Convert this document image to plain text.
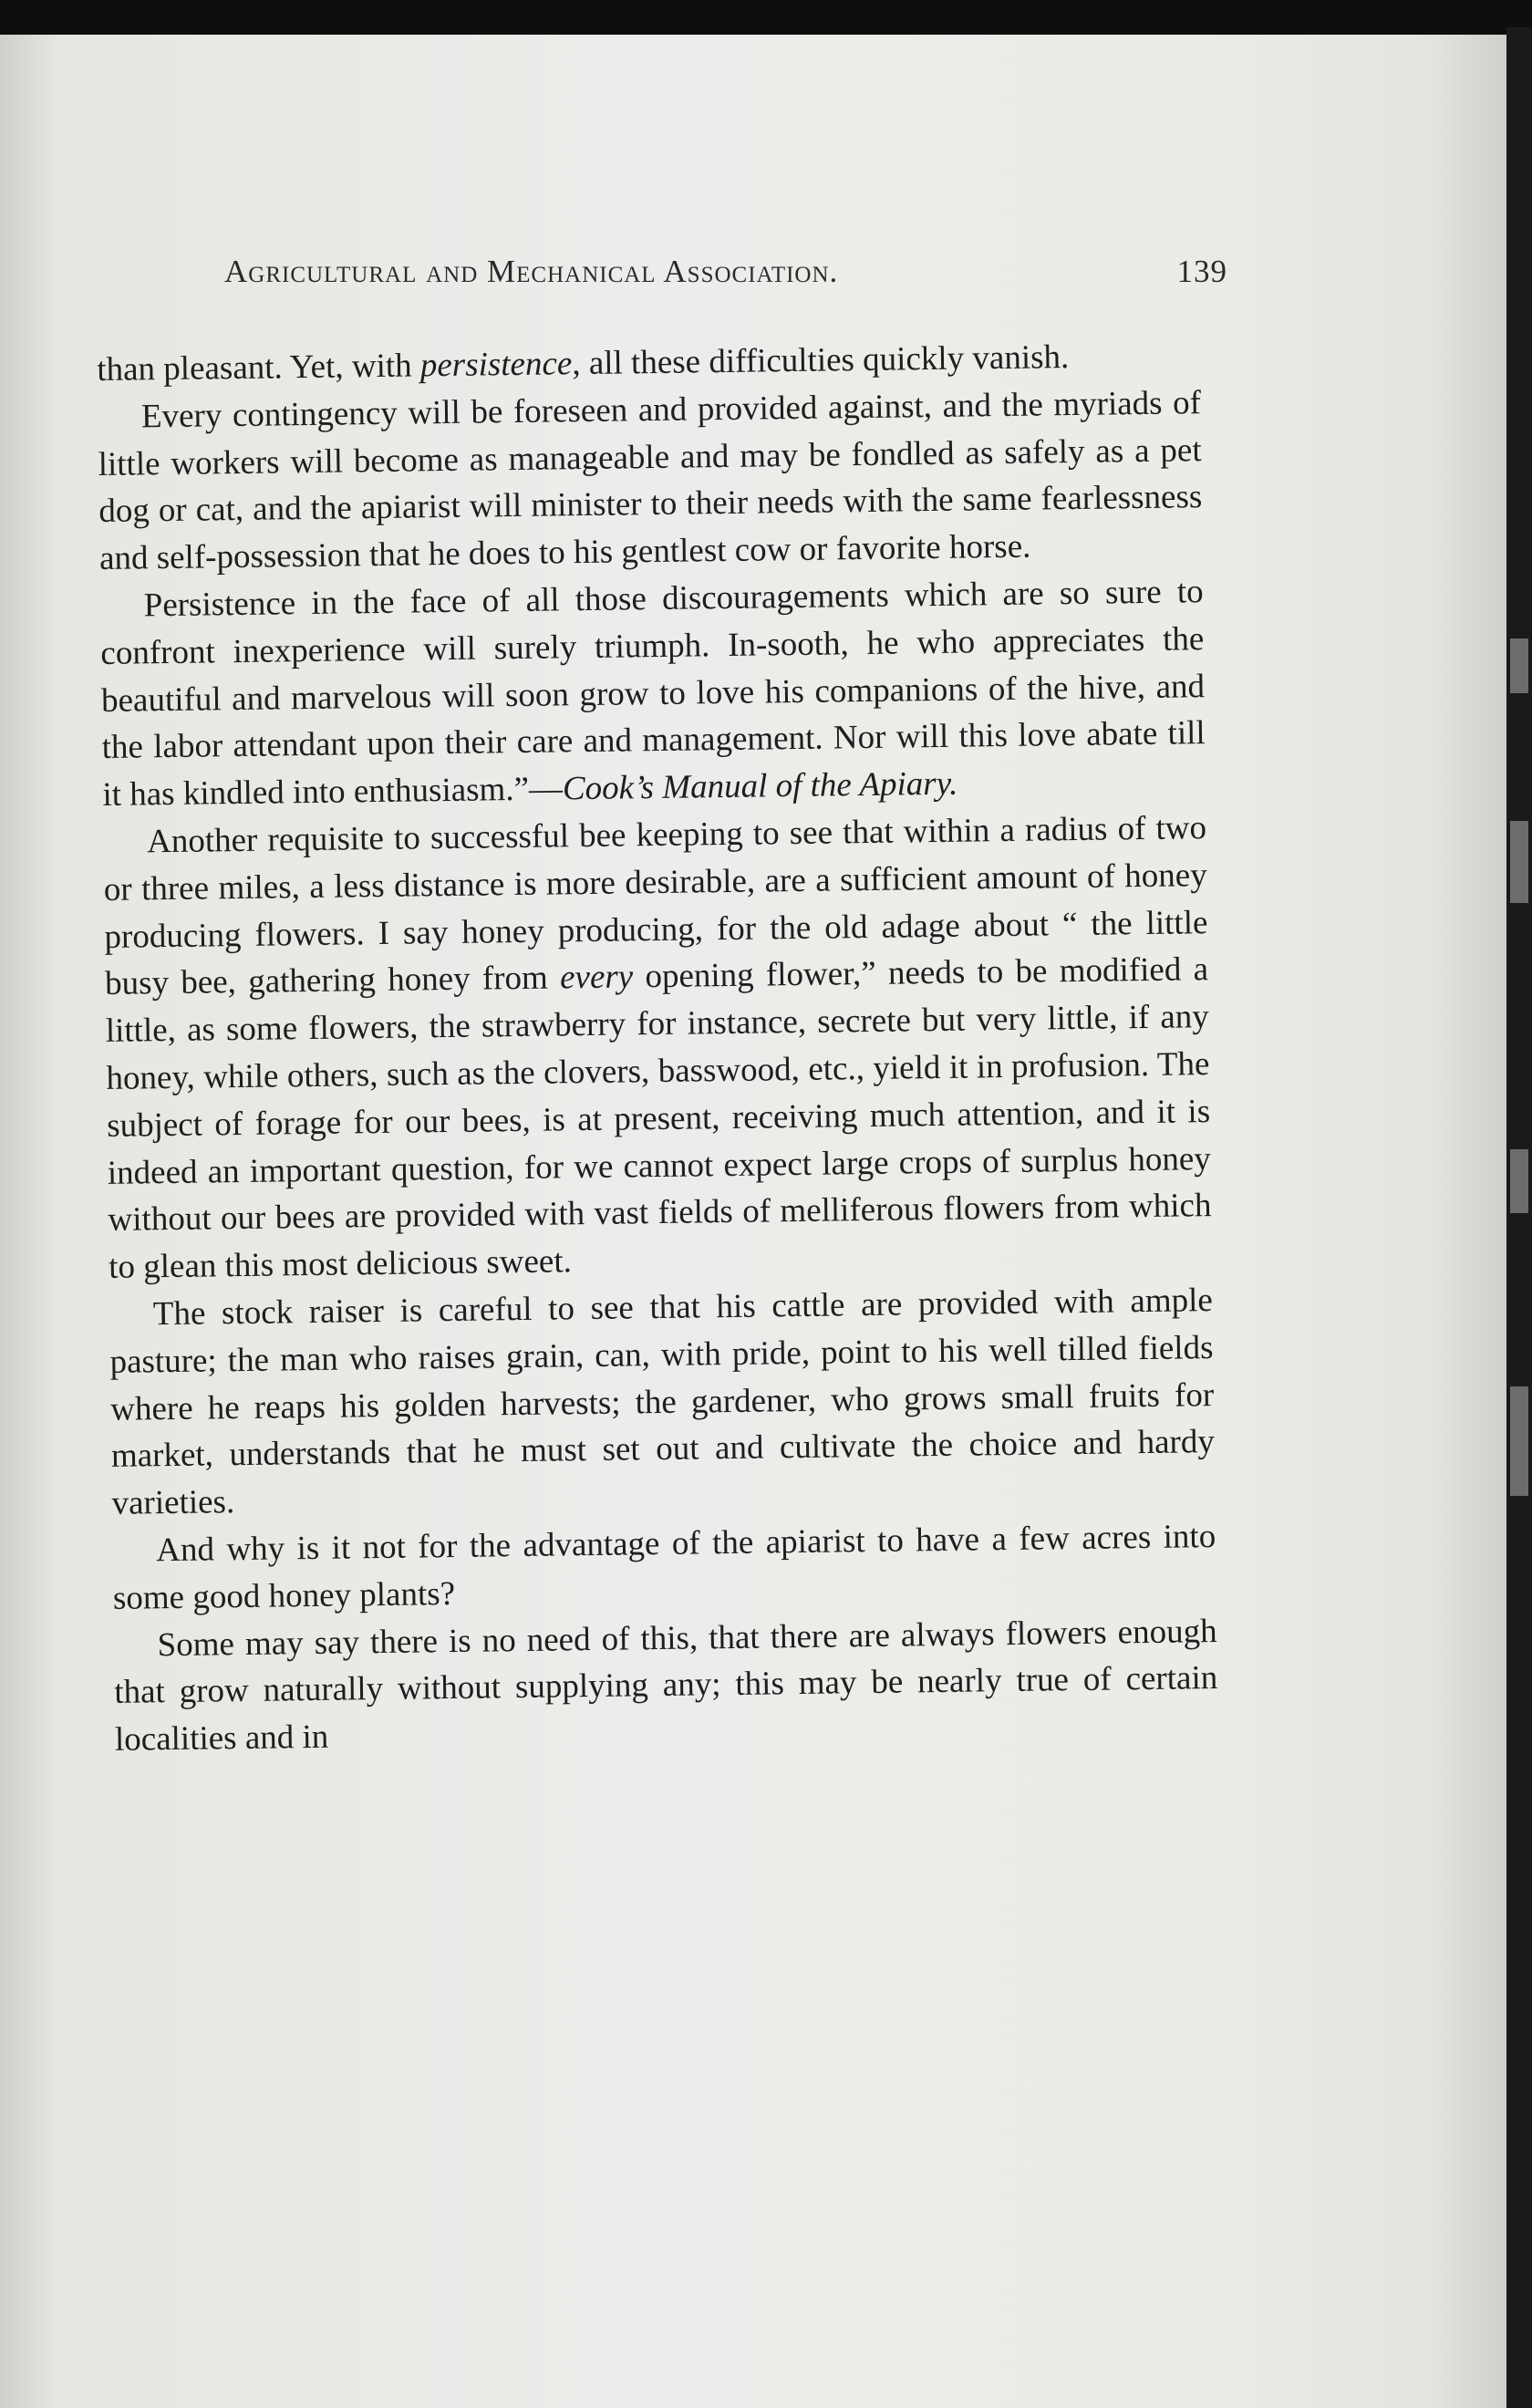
Agricultural and Mechanical Association.	139

than pleasant. Yet, with persistence, all these difficulties quickly vanish.

Every contingency will be foreseen and provided against, and the myriads of little workers will become as manageable and may be fondled as safely as a pet dog or cat, and the apiarist will minister to their needs with the same fearlessness and self-possession that he does to his gentlest cow or favorite horse.

Persistence in the face of all those discouragements which are so sure to confront inexperience will surely triumph. In-sooth, he who appreciates the beautiful and marvelous will soon grow to love his companions of the hive, and the labor attendant upon their care and management. Nor will this love abate till it has kindled into enthusiasm.”—Cook’s Manual of the Apiary.

Another requisite to successful bee keeping to see that within a radius of two or three miles, a less distance is more desirable, are a sufficient amount of honey producing flowers. I say honey producing, for the old adage about “ the little busy bee, gathering honey from every opening flower,” needs to be modified a little, as some flowers, the strawberry for instance, secrete but very little, if any honey, while others, such as the clovers, basswood, etc., yield it in profusion. The subject of forage for our bees, is at present, receiving much attention, and it is indeed an important question, for we cannot expect large crops of surplus honey without our bees are provided with vast fields of melliferous flowers from which to glean this most delicious sweet.

The stock raiser is careful to see that his cattle are provided with ample pasture; the man who raises grain, can, with pride, point to his well tilled fields where he reaps his golden harvests; the gardener, who grows small fruits for market, understands that he must set out and cultivate the choice and hardy varieties.

And why is it not for the advantage of the apiarist to have a few acres into some good honey plants?

Some may say there is no need of this, that there are always flowers enough that grow naturally without supplying any; this may be nearly true of certain localities and in
